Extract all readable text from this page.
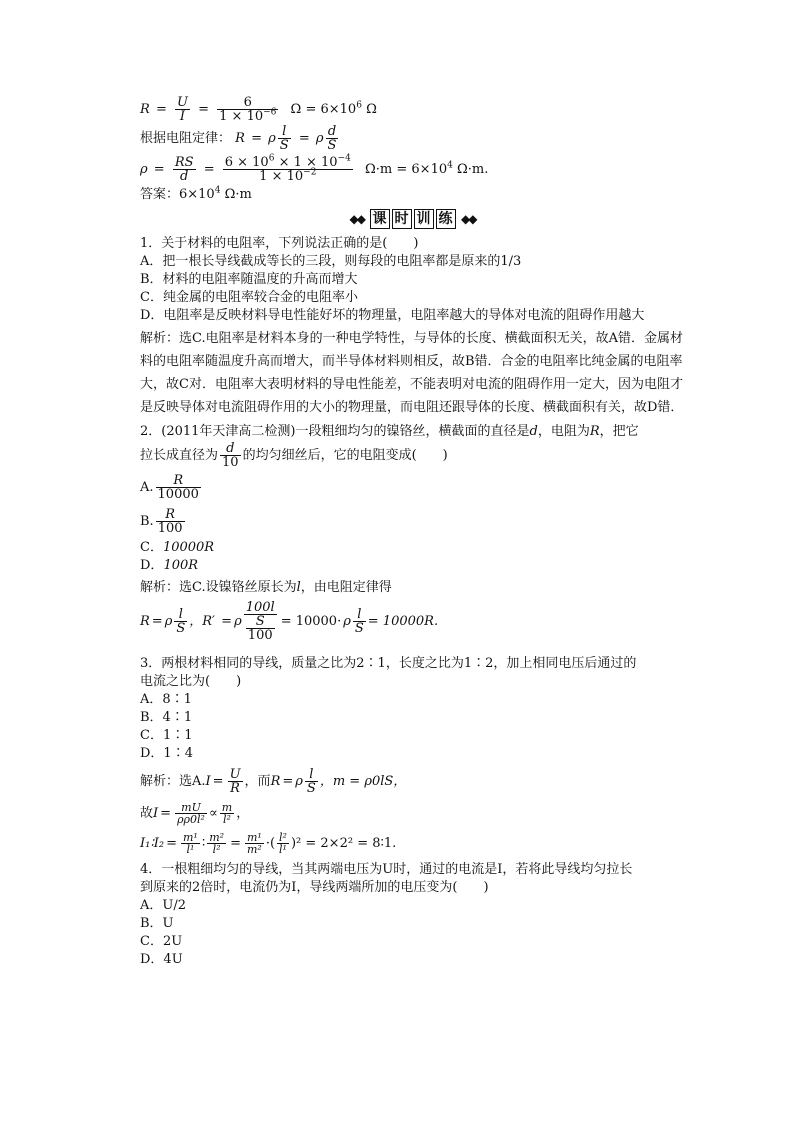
$R = \frac{U}{I} = \frac{6}{1 \times 10^{-6}}$ $\Omega = 6\times 10^6$ Ω
根据电阻定律： R = ρ $\frac{l}{S} = \rho \frac{d}{S}$
$\rho = \frac{RS}{d} = \frac{6 \times 10^6 \times 1 \times 10^{-4}}{1 \times 10^{-2}} \Omega\cdot m = 6\times 10^4$ Ω·m.
答案：$6\times 10^4$ Ω·m
◆◆ 课 时 训 练 ◆◆
1．关于材料的电阻率，下列说法正确的是(　　)
A．把一根长导线截成等长的三段，则每段的电阻率都是原来的1/3
B．材料的电阻率随温度的升高而增大
C．纯金属的电阻率较合金的电阻率小
D．电阻率是反映材料导电性能好坏的物理量，电阻率越大的导体对电流的阻碍作用越大
解析：选C.电阻率是材料本身的一种电学特性，与导体的长度、横截面积无关，故A错．金属材料的电阻率随温度升高而增大，而半导体材料则相反，故B错．合金的电阻率比纯金属的电阻率大，故C对．电阻率大表明材料的导电性能差，不能表明对电流的阻碍作用一定大，因为电阻才是反映导体对电流阻碍作用的大小的物理量，而电阻还跟导体的长度、横截面积有关，故D错．
2．(2011年天津高二检测)一段粗细均匀的镍铬丝，横截面的直径是d，电阻为R，把它
拉长成直径为 $\frac{d}{10}$ 的均匀细丝后，它的电阻变成(　　)
A. $\frac{R}{10000}$
B. $\frac{R}{100}$
C．10000R
D．100R
解析：选C.设镍铬丝原长为l，由电阻定律得
R = ρ $\frac{l}{S}$ ，R′ = ρ $\frac{100l}{\frac{S}{100}} = 10000\cdot \rho \frac{l}{S} = 10000R$.
3．两根材料相同的导线，质量之比为2∶1，长度之比为1∶2，加上相同电压后通过的
电流之比为(　　)
A．8∶1
B．4∶1
C．1∶1
D．1∶4
解析：选$A.I = \frac{U}{R}$ ，而R = ρ $\frac{l}{S}$ ，m = ρ0lS，
故$I = \frac{mU}{\text{ρρ0l²}} \propto \frac{m}{\text{l²}}$ ，
I₁∶I₂ = $\frac{\text{m¹}}{\text{l¹}}$ ∶ $\frac{\text{m²}}{\text{l²}} = \frac{\text{m¹}}{\text{m²}}$ ·( $\frac{\text{l²}}{\text{l¹}} )^2 = 2\times 2^2$ = 8∶1.
4．一根粗细均匀的导线，当其两端电压为U时，通过的电流是I，若将此导线均匀拉长
到原来的2倍时，电流仍为I，导线两端所加的电压变为(　　)
A．U/2
B．U
C．2U
D．4U
